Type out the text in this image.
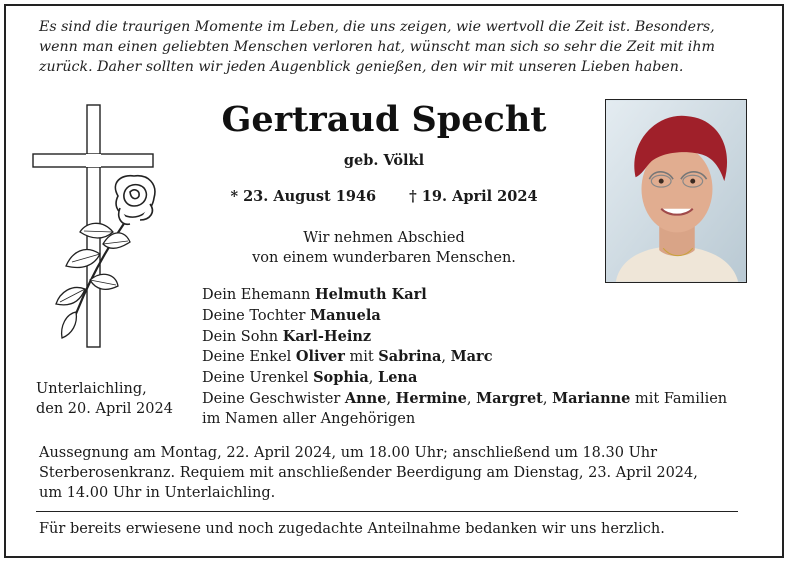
Es sind die traurigen Momente im Leben, die uns zeigen, wie wertvoll die Zeit ist. Besonders,
wenn man einen geliebten Menschen verloren hat, wünscht man sich so sehr die Zeit mit ihm
zurück. Daher sollten wir jeden Augenblick genießen, den wir mit unseren Lieben haben.
Gertraud Specht
geb. Völkl
* 23. August 1946 † 19. April 2024
Wir nehmen Abschied
von einem wunderbaren Menschen.
Dein Ehemann Helmuth Karl
Deine Tochter Manuela
Dein Sohn Karl-Heinz
Deine Enkel Oliver mit Sabrina, Marc
Deine Urenkel Sophia, Lena
Deine Geschwister Anne, Hermine, Margret, Marianne mit Familien
im Namen aller Angehörigen
Unterlaichling,
den 20. April 2024
Aussegnung am Montag, 22. April 2024, um 18.00 Uhr; anschließend um 18.30 Uhr
Sterberosenkranz. Requiem mit anschließender Beerdigung am Dienstag, 23. April 2024,
um 14.00 Uhr in Unterlaichling.
Für bereits erwiesene und noch zugedachte Anteilnahme bedanken wir uns herzlich.
